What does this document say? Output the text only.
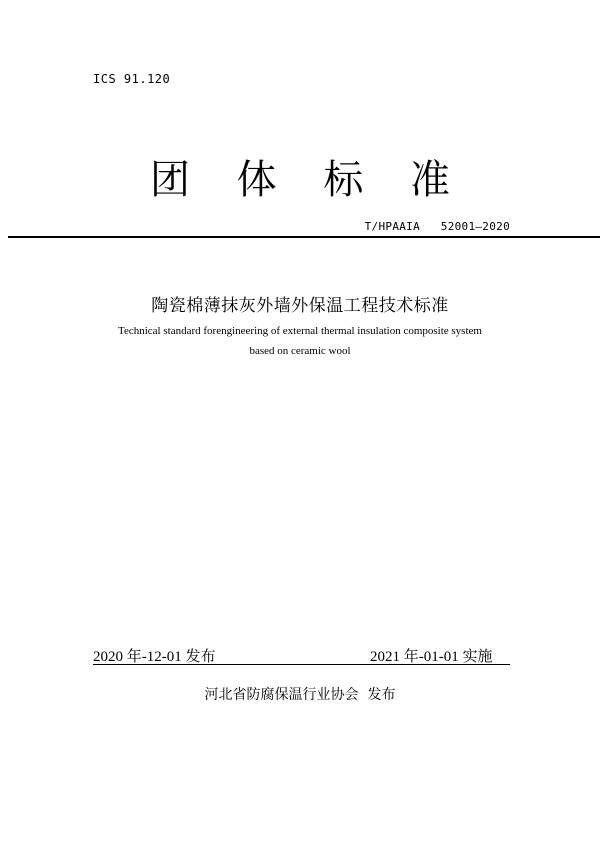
ICS 91.120
团 体 标 准
T/HPAAIA   52001—2020
陶瓷棉薄抹灰外墙外保温工程技术标准
Technical standard forengineering of external thermal insulation composite system
based on ceramic wool
2020 年-12-01 发布	2021 年-01-01 实施
河北省防腐保温行业协会  发布
